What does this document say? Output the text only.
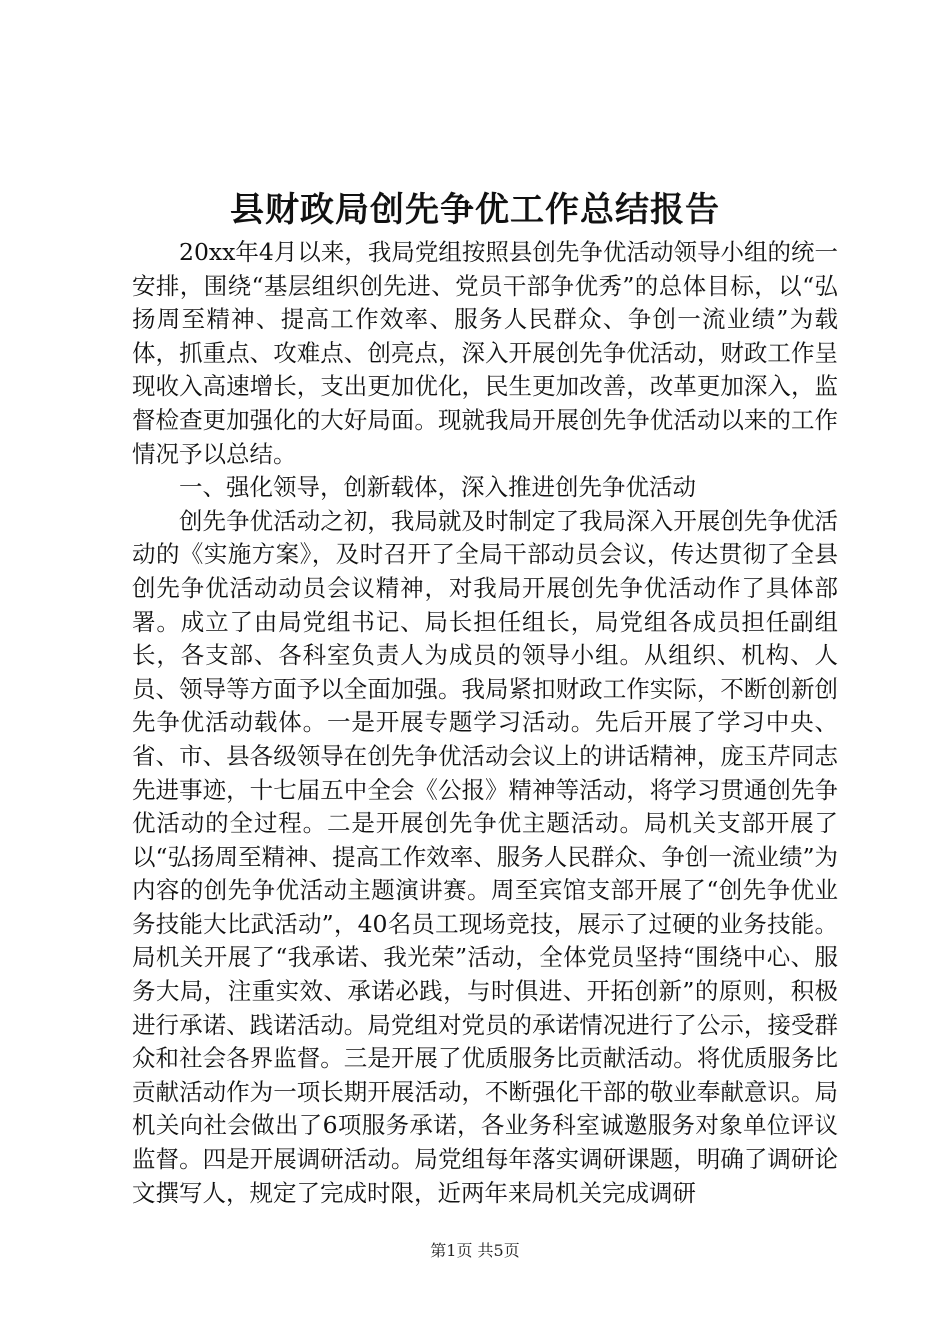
县财政局创先争优工作总结报告

20xx年4月以来，我局党组按照县创先争优活动领导小组的统一安排，围绕“基层组织创先进、党员干部争优秀”的总体目标，以“弘扬周至精神、提高工作效率、服务人民群众、争创一流业绩”为载体，抓重点、攻难点、创亮点，深入开展创先争优活动，财政工作呈现收入高速增长，支出更加优化，民生更加改善，改革更加深入，监督检查更加强化的大好局面。现就我局开展创先争优活动以来的工作情况予以总结。

一、强化领导，创新载体，深入推进创先争优活动

创先争优活动之初，我局就及时制定了我局深入开展创先争优活动的《实施方案》，及时召开了全局干部动员会议，传达贯彻了全县创先争优活动动员会议精神，对我局开展创先争优活动作了具体部署。成立了由局党组书记、局长担任组长，局党组各成员担任副组长，各支部、各科室负责人为成员的领导小组。从组织、机构、人员、领导等方面予以全面加强。我局紧扣财政工作实际，不断创新创先争优活动载体。一是开展专题学习活动。先后开展了学习中央、省、市、县各级领导在创先争优活动会议上的讲话精神，庞玉芹同志先进事迹，十七届五中全会《公报》精神等活动，将学习贯通创先争优活动的全过程。二是开展创先争优主题活动。局机关支部开展了以“弘扬周至精神、提高工作效率、服务人民群众、争创一流业绩”为内容的创先争优活动主题演讲赛。周至宾馆支部开展了“创先争优业务技能大比武活动”，40名员工现场竞技，展示了过硬的业务技能。局机关开展了“我承诺、我光荣”活动，全体党员坚持“围绕中心、服务大局，注重实效、承诺必践，与时俱进、开拓创新”的原则，积极进行承诺、践诺活动。局党组对党员的承诺情况进行了公示，接受群众和社会各界监督。三是开展了优质服务比贡献活动。将优质服务比贡献活动作为一项长期开展活动，不断强化干部的敬业奉献意识。局机关向社会做出了6项服务承诺，各业务科室诚邀服务对象单位评议监督。四是开展调研活动。局党组每年落实调研课题，明确了调研论文撰写人，规定了完成时限，近两年来局机关完成调研

第1页 共5页
